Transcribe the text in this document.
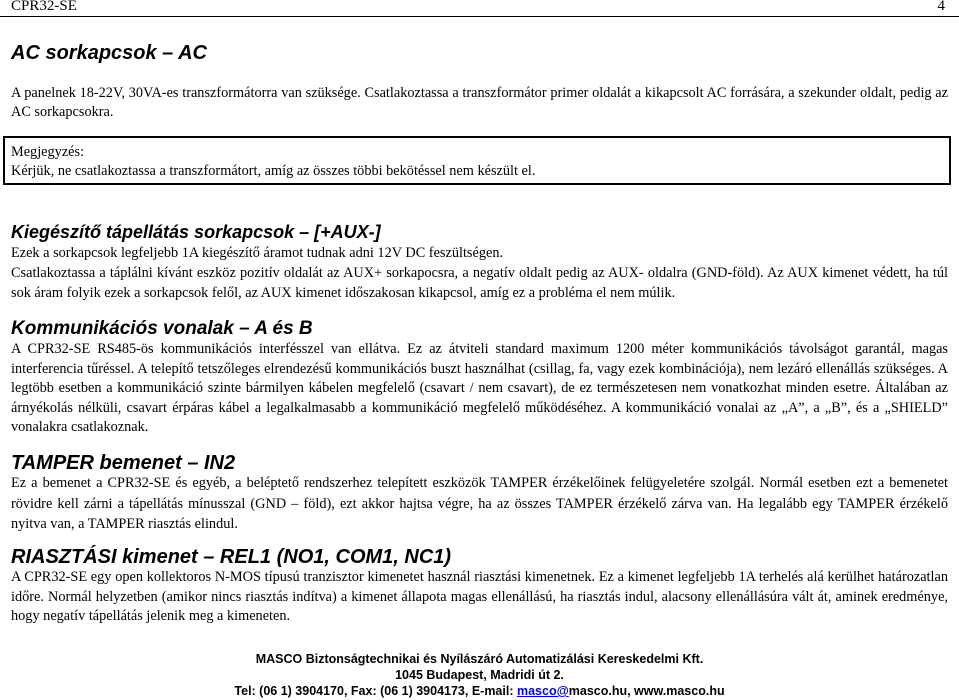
CPR32-SE	4
AC sorkapcsok – AC

A panelnek 18-22V, 30VA-es transzformátorra van szüksége. Csatlakoztassa a transzformátor primer oldalát a kikapcsolt AC forrására, a szekunder oldalt, pedig az AC sorkapcsokra.

Megjegyzés:
Kérjük, ne csatlakoztassa a transzformátort, amíg az összes többi bekötéssel nem készült el.
Kiegészítő tápellátás sorkapcsok – [+AUX-]

Ezek a sorkapcsok legfeljebb 1A kiegészítő áramot tudnak adni 12V DC feszültségen.

Csatlakoztassa a táplálni kívánt eszköz pozitív oldalát az AUX+ sorkapocsra, a negatív oldalt pedig az AUX- oldalra (GND-föld). Az AUX kimenet védett, ha túl sok áram folyik ezek a sorkapcsok felől, az AUX kimenet időszakosan kikapcsol, amíg ez a probléma el nem múlik.

Kommunikációs vonalak – A és B

A CPR32-SE RS485-ös kommunikációs interfésszel van ellátva. Ez az átviteli standard maximum 1200 méter kommunikációs távolságot garantál, magas interferencia tűréssel. A telepítő tetszőleges elrendezésű kommunikációs buszt használhat (csillag, fa, vagy ezek kombinációja), nem lezáró ellenállás szükséges. A legtöbb esetben a kommunikáció szinte bármilyen kábelen megfelelő (csavart / nem csavart), de ez természetesen nem vonatkozhat minden esetre. Általában az árnyékolás nélküli, csavart érpáras kábel a legalkalmasabb a kommunikáció megfelelő működéséhez. A kommunikáció vonalai az „A”, a „B”, és a „SHIELD” vonalakra csatlakoznak.

TAMPER bemenet – IN2

Ez a bemenet a CPR32-SE és egyéb, a beléptető rendszerhez telepített eszközök TAMPER érzékelőinek felügyeletére szolgál. Normál esetben ezt a bemenetet rövidre kell zárni a tápellátás mínusszal (GND – föld), ezt akkor hajtsa végre, ha az összes TAMPER érzékelő zárva van. Ha legalább egy TAMPER érzékelő nyitva van, a TAMPER riasztás elindul.

RIASZTÁSI kimenet – REL1 (NO1, COM1, NC1)

A CPR32-SE egy open kollektoros N-MOS típusú tranzisztor kimenetet használ riasztási kimenetnek. Ez a kimenet legfeljebb 1A terhelés alá kerülhet határozatlan időre. Normál helyzetben (amikor nincs riasztás indítva) a kimenet állapota magas ellenállású, ha riasztás indul, alacsony ellenállásúra vált át, aminek eredménye, hogy negatív tápellátás jelenik meg a kimeneten.

MASCO Biztonságtechnikai és Nyílászáró Automatizálási Kereskedelmi Kft.
1045 Budapest, Madridi út 2.
Tel: (06 1) 3904170, Fax: (06 1) 3904173, E-mail: masco@masco.hu, www.masco.hu
